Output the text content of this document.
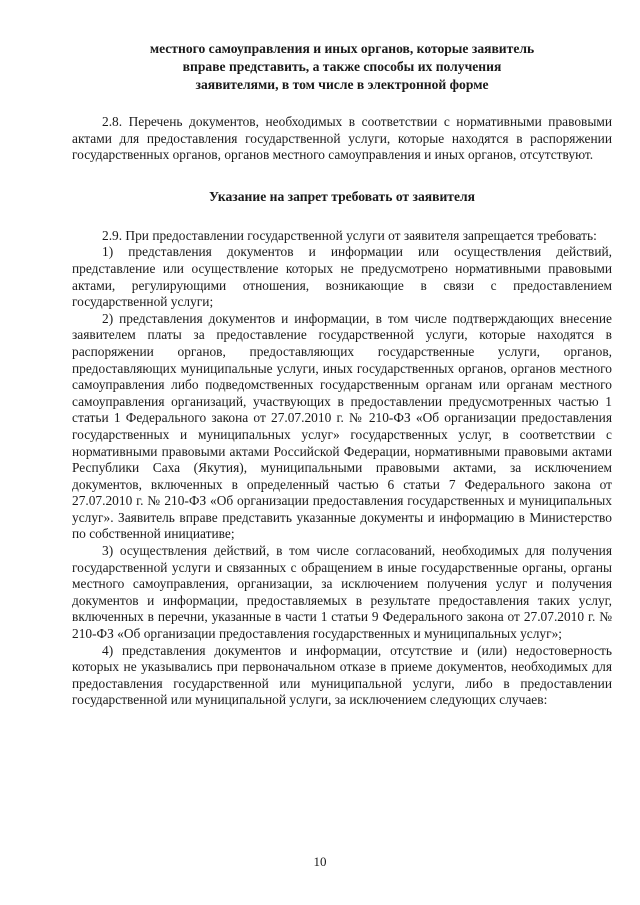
местного самоуправления и иных органов, которые заявитель
вправе представить, а также способы их получения
заявителями, в том числе в электронной форме

2.8. Перечень документов, необходимых в соответствии с нормативными правовыми актами для предоставления государственной услуги, которые находятся в распоряжении государственных органов, органов местного самоуправления и иных органов, отсутствуют.

Указание на запрет требовать от заявителя

2.9. При предоставлении государственной услуги от заявителя запрещается требовать:

1) представления документов и информации или осуществления действий, представление или осуществление которых не предусмотрено нормативными правовыми актами, регулирующими отношения, возникающие в связи с предоставлением государственной услуги;

2) представления документов и информации, в том числе подтверждающих внесение заявителем платы за предоставление государственной услуги, которые находятся в распоряжении органов, предоставляющих государственные услуги, органов, предоставляющих муниципальные услуги, иных государственных органов, органов местного самоуправления либо подведомственных государственным органам или органам местного самоуправления организаций, участвующих в предоставлении предусмотренных частью 1 статьи 1 Федерального закона от 27.07.2010 г. № 210-ФЗ «Об организации предоставления государственных и муниципальных услуг» государственных услуг, в соответствии с нормативными правовыми актами Российской Федерации, нормативными правовыми актами Республики Саха (Якутия), муниципальными правовыми актами, за исключением документов, включенных в определенный частью 6 статьи 7 Федерального закона от 27.07.2010 г. № 210-ФЗ «Об организации предоставления государственных и муниципальных услуг». Заявитель вправе представить указанные документы и информацию в Министерство по собственной инициативе;

3) осуществления действий, в том числе согласований, необходимых для получения государственной услуги и связанных с обращением в иные государственные органы, органы местного самоуправления, организации, за исключением получения услуг и получения документов и информации, предоставляемых в результате предоставления таких услуг, включенных в перечни, указанные в части 1 статьи 9 Федерального закона от 27.07.2010 г. № 210-ФЗ «Об организации предоставления государственных и муниципальных услуг»;

4) представления документов и информации, отсутствие и (или) недостоверность которых не указывались при первоначальном отказе в приеме документов, необходимых для предоставления государственной или муниципальной услуги, либо в предоставлении государственной или муниципальной услуги, за исключением следующих случаев:

10
